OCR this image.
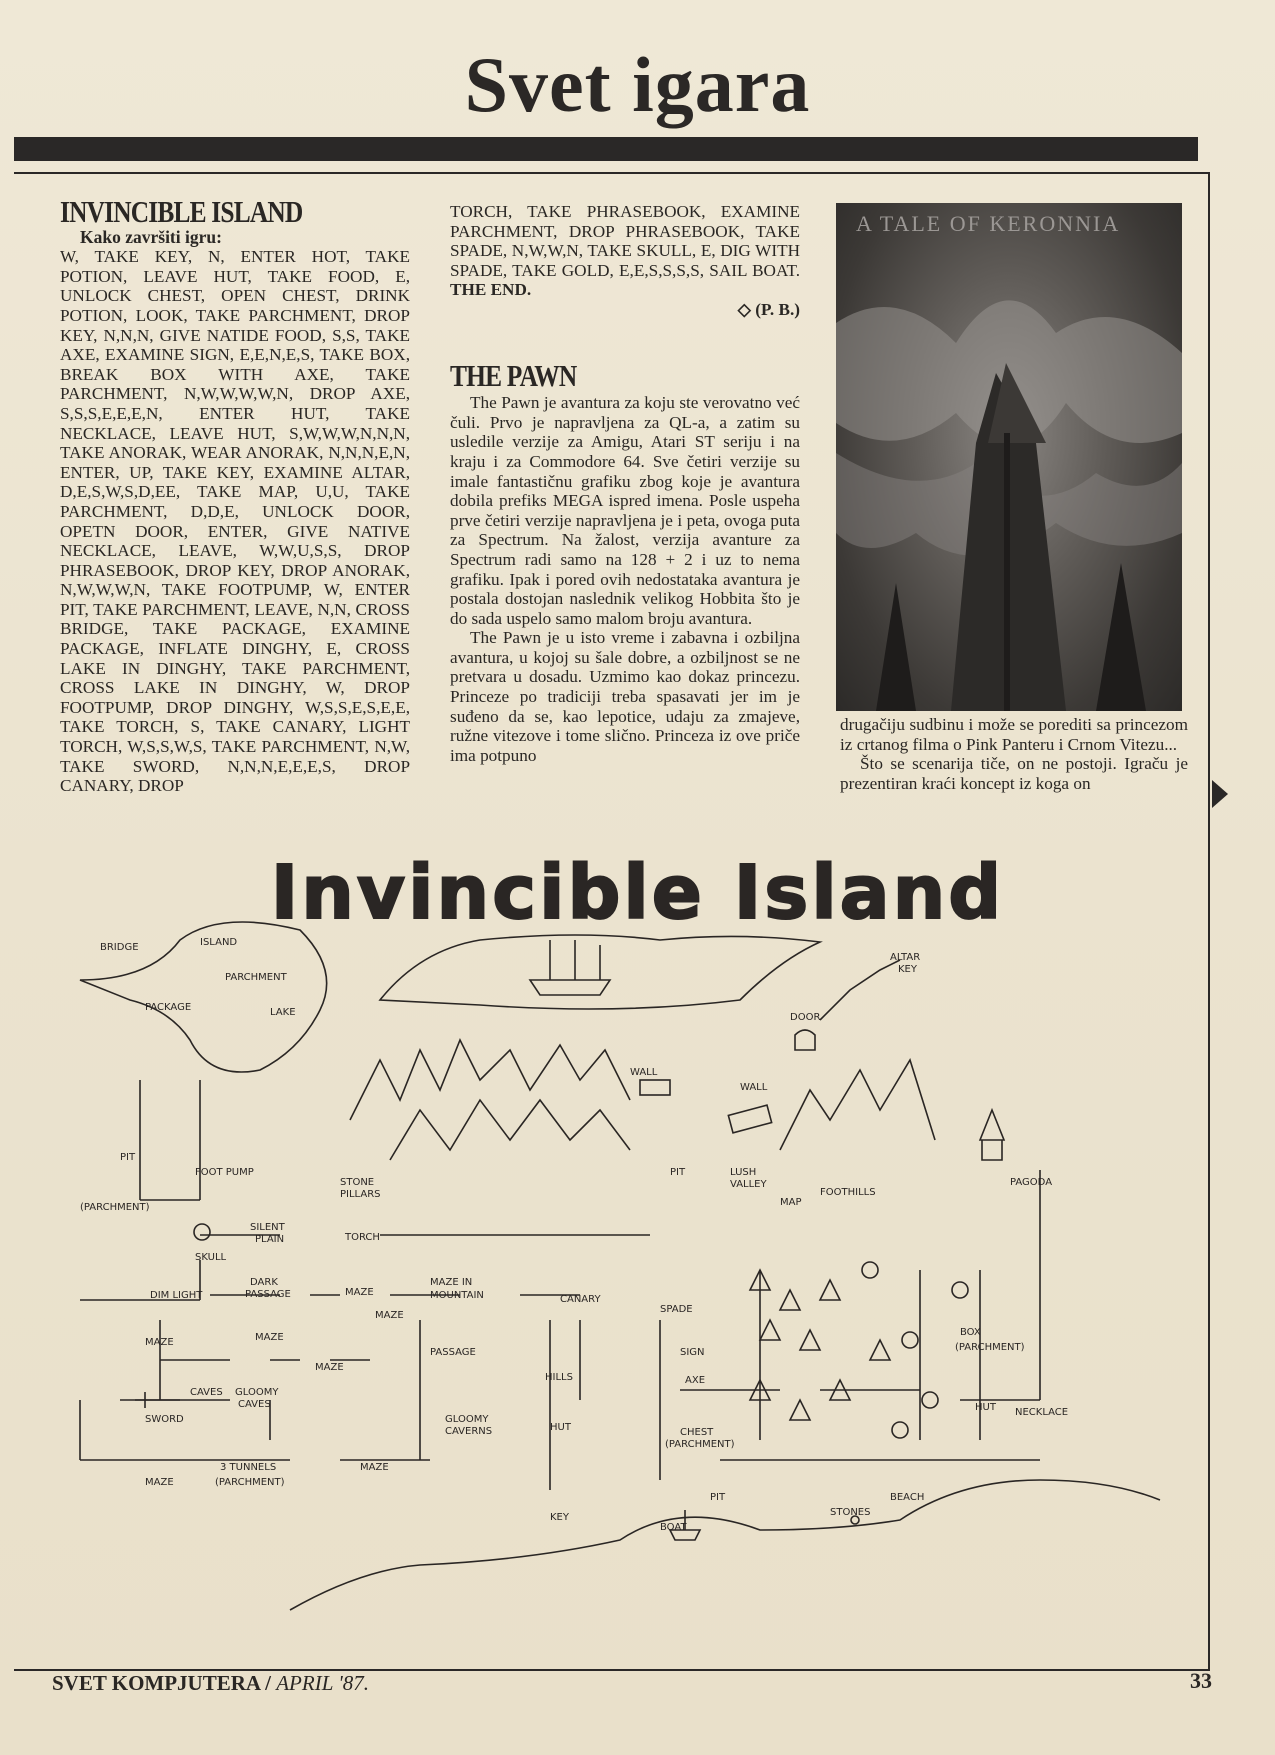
Svet igara
INVINCIBLE ISLAND
Kako završiti igru:
W, TAKE KEY, N, ENTER HOT, TAKE POTION, LEAVE HUT, TAKE FOOD, E, UNLOCK CHEST, OPEN CHEST, DRINK POTION, LOOK, TAKE PARCHMENT, DROP KEY, N,N,N, GIVE NATIDE FOOD, S,S, TAKE AXE, EXAMINE SIGN, E,E,N,E,S, TAKE BOX, BREAK BOX WITH AXE, TAKE PARCHMENT, N,W,W,W,W,N, DROP AXE, S,S,S,E,E,E,N, ENTER HUT, TAKE NECKLACE, LEAVE HUT, S,W,W,W,N,N,N, TAKE ANORAK, WEAR ANORAK, N,N,N,E,N, ENTER, UP, TAKE KEY, EXAMINE ALTAR, D,E,S,W,S,D,EE, TAKE MAP, U,U, TAKE PARCHMENT, D,D,E, UNLOCK DOOR, OPETN DOOR, ENTER, GIVE NATIVE NECKLACE, LEAVE, W,W,U,S,S, DROP PHRASEBOOK, DROP KEY, DROP ANORAK, N,W,W,W,N, TAKE FOOTPUMP, W, ENTER PIT, TAKE PARCHMENT, LEAVE, N,N, CROSS BRIDGE, TAKE PACKAGE, EXAMINE PACKAGE, INFLATE DINGHY, E, CROSS LAKE IN DINGHY, TAKE PARCHMENT, CROSS LAKE IN DINGHY, W, DROP FOOTPUMP, DROP DINGHY, W,S,S,E,S,E,E, TAKE TORCH, S, TAKE CANARY, LIGHT TORCH, W,S,S,W,S, TAKE PARCHMENT, N,W, TAKE SWORD, N,N,N,E,E,E,S, DROP CANARY, DROP
TORCH, TAKE PHRASEBOOK, EXAMINE PARCHMENT, DROP PHRASEBOOK, TAKE SPADE, N,W,W,N, TAKE SKULL, E, DIG WITH SPADE, TAKE GOLD, E,E,S,S,S,S, SAIL BOAT. THE END.
◇ (P. B.)
THE PAWN
The Pawn je avantura za koju ste verovatno već čuli. Prvo je napravljena za QL-a, a zatim su usledile verzije za Amigu, Atari ST seriju i na kraju i za Commodore 64. Sve četiri verzije su imale fantastičnu grafiku zbog koje je avantura dobila prefiks MEGA ispred imena. Posle uspeha prve četiri verzije napravljena je i peta, ovoga puta za Spectrum. Na žalost, verzija avanture za Spectrum radi samo na 128 + 2 i uz to nema grafiku. Ipak i pored ovih nedostataka avantura je postala dostojan naslednik velikog Hobbita što je do sada uspelo samo malom broju avantura.
The Pawn je u isto vreme i zabavna i ozbiljna avantura, u kojoj su šale dobre, a ozbiljnost se ne pretvara u dosadu. Uzmimo kao dokaz princezu. Princeze po tradiciji treba spasavati jer im je suđeno da se, kao lepotice, udaju za zmajeve, ružne vitezove i tome slično. Princeza iz ove priče ima potpuno
A TALE OF KERONNIA
drugačiju sudbinu i može se porediti sa princezom iz crtanog filma o Pink Panteru i Crnom Vitezu...
Što se scenarija tiče, on ne postoji. Igraču je prezentiran kraći koncept iz koga on
Invincible Island
BRIDGE	ISLAND
PARCHMENT
PACKAGE	LAKE
ALTAR
KEY
DOOR
WALL
WALL
PIT
(PARCHMENT)
FOOT PUMP
STONE
PILLARS
TORCH
SKULL
SILENT
PLAIN
PIT	LUSH
VALLEY
MAP
FOOTHILLS
PAGODA
DIM LIGHT
DARK
PASSAGE	MAZE
MAZE IN
MOUNTAIN	CANARY
SPADE
MAZE
MAZE	MAZE
MAZE
PASSAGE
HILLS
SIGN
AXE
BOX
(PARCHMENT)
CAVES GLOOMY
CAVES
SWORD	GLOOMY
CAVERNS	HUT	CHEST
(PARCHMENT)
HUT NECKLACE
MAZE
3 TUNNELS
(PARCHMENT)
MAZE
KEY
BOAT
PIT
STONES
BEACH
SVET KOMPJUTERA / APRIL '87.	33
